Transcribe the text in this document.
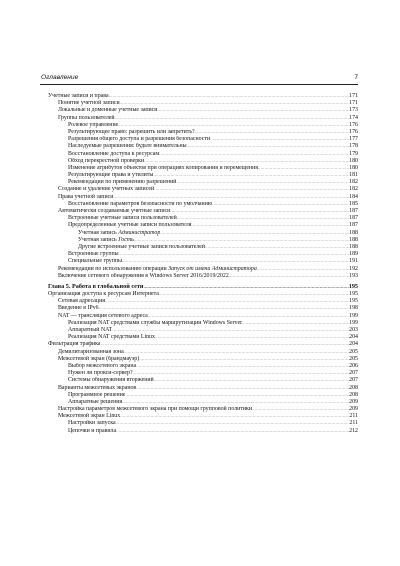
Оглавление	7
Учетные записи и права .....	171
Понятие учетной записи .....	171
Локальные и доменные учетные записи .....	173
Группы пользователей .....	174
Ролевое управление .....	176
Результирующее право: разрешить или запретить? .....	176
Разрешения общего доступа и разрешения безопасности .....	177
Наследуемые разрешения: будьте внимательны .....	178
Восстановление доступа к ресурсам .....	179
Обход перекрестной проверки .....	180
Изменение атрибутов объектов при операциях копирования и перемещения .....	180
Результирующие права и утилиты .....	181
Рекомендации по применению разрешений .....	182
Создание и удаление учетных записей .....	182
Права учетной записи .....	184
Восстановление параметров безопасности по умолчанию .....	185
Автоматически создаваемые учетные записи .....	187
Встроенные учетные записи пользователей .....	187
Предопределенные учетные записи пользователя .....	187
Учетная запись Администратор .....	188
Учетная запись Гость .....	188
Другие встроенные учетные записи пользователей .....	188
Встроенные группы .....	189
Специальные группы .....	191
Рекомендации по использованию операции Запуск от имени Администратора .....	192
Включение сетевого обнаружения в Windows Server 2016/2019/2022 .....	193
Глава 5. Работа в глобальной сети .....	195
Организация доступа к ресурсам Интернета .....	195
Сетевая адресация .....	195
Введение в IPv6 .....	198
NAT — трансляция сетевого адреса .....	199
Реализация NAT средствами службы маршрутизации Windows Server .....	199
Аппаратный NAT .....	203
Реализация NAT средствами Linux .....	204
Фильтрация трафика .....	204
Демилитаризованная зона .....	205
Межсетевой экран (брандмауэр) .....	205
Выбор межсетевого экрана .....	206
Нужен ли прокси-сервер? .....	207
Системы обнаружения вторжений .....	207
Варианты межсетевых экранов .....	208
Программное решение .....	208
Аппаратные решения .....	209
Настройка параметров межсетевого экрана при помощи групповой политики .....	209
Межсетевой экран Linux .....	211
Настройки запуска .....	211
Цепочки и правила .....	212
